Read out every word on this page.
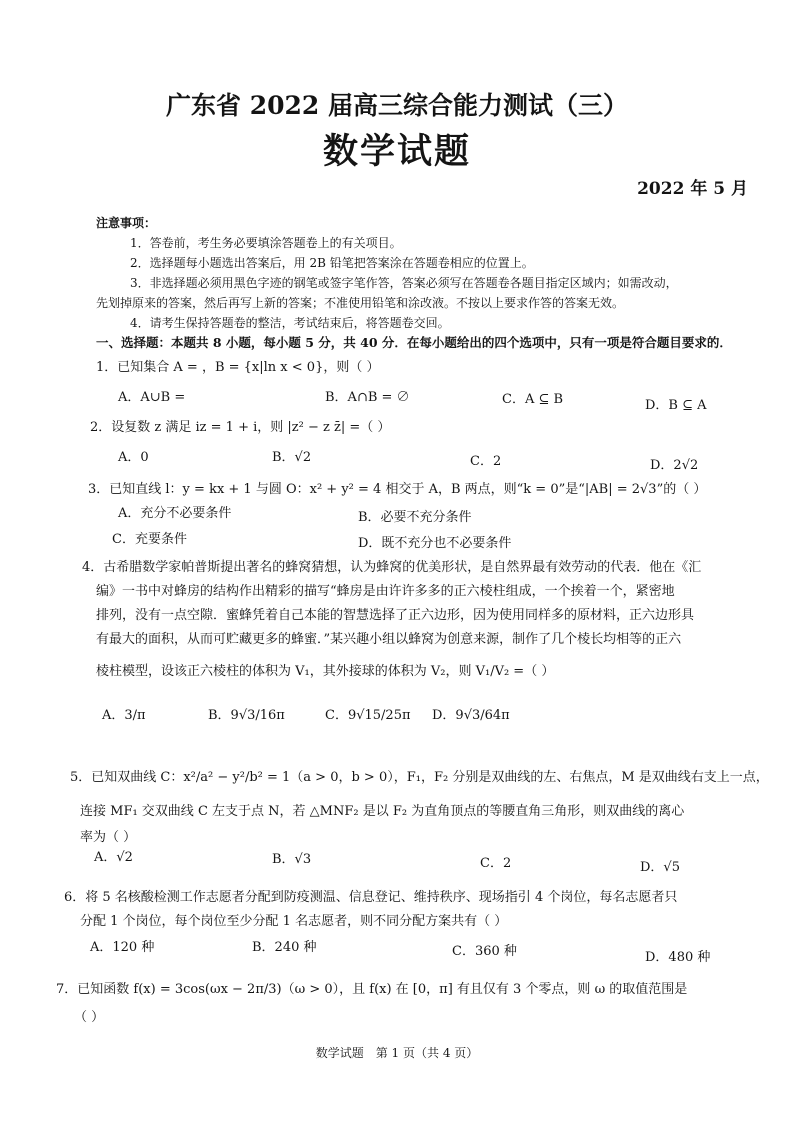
广东省 2022 届高三综合能力测试（三）
数学试题
2022 年 5 月
注意事项：
1．答卷前，考生务必要填涂答题卷上的有关项目。
2．选择题每小题选出答案后，用 2B 铅笔把答案涂在答题卷相应的位置上。
3．非选择题必须用黑色字迹的钢笔或签字笔作答，答案必须写在答题卷各题目指定区域内；如需改动，
先划掉原来的答案，然后再写上新的答案；不准使用铅笔和涂改液。不按以上要求作答的答案无效。
4．请考生保持答题卷的整洁，考试结束后，将答题卷交回。
一、选择题：本题共 8 小题，每小题 5 分，共 40 分．在每小题给出的四个选项中，只有一项是符合题目要求的．
1．已知集合 A = ，B = {x|ln x < 0}，则（ ）
A．A∪B =	B．A∩B = ∅	C．A ⊆ B	D．B ⊆ A
2．设复数 z 满足 iz = 1 + i，则 |z² − z z̄| =（ ）
A．0	B．√2	C．2	D．2√2
3．已知直线 l：y = kx + 1 与圆 O：x² + y² = 4 相交于 A，B 两点，则“k = 0”是“|AB| = 2√3”的（ ）
A．充分不必要条件	B．必要不充分条件
C．充要条件	D．既不充分也不必要条件
4．古希腊数学家帕普斯提出著名的蜂窝猜想，认为蜂窝的优美形状，是自然界最有效劳动的代表．他在《汇
编》一书中对蜂房的结构作出精彩的描写“蜂房是由许许多多的正六棱柱组成，一个挨着一个，紧密地
排列，没有一点空隙．蜜蜂凭着自己本能的智慧选择了正六边形，因为使用同样多的原材料，正六边形具
有最大的面积，从而可贮藏更多的蜂蜜．”某兴趣小组以蜂窝为创意来源，制作了几个棱长均相等的正六
棱柱模型，设该正六棱柱的体积为 V₁，其外接球的体积为 V₂，则 V₁/V₂ =（ ）
A．3/π	B．9√3/16π	C．9√15/25π D．9√3/64π
5．已知双曲线 C：x²/a² − y²/b² = 1（a > 0，b > 0），F₁，F₂ 分别是双曲线的左、右焦点，M 是双曲线右支上一点，
连接 MF₁ 交双曲线 C 左支于点 N，若 △MNF₂ 是以 F₂ 为直角顶点的等腰直角三角形，则双曲线的离心
率为（ ）
A．√2	B．√3	C．2	D．√5
6．将 5 名核酸检测工作志愿者分配到防疫测温、信息登记、维持秩序、现场指引 4 个岗位，每名志愿者只
分配 1 个岗位，每个岗位至少分配 1 名志愿者，则不同分配方案共有（ ）
A．120 种	B．240 种	C．360 种	D．480 种
7．已知函数 f(x) = 3cos(ωx − 2π/3)（ω > 0），且 f(x) 在 [0，π] 有且仅有 3 个零点，则 ω 的取值范围是
（ ）
数学试题　第 1 页（共 4 页）
